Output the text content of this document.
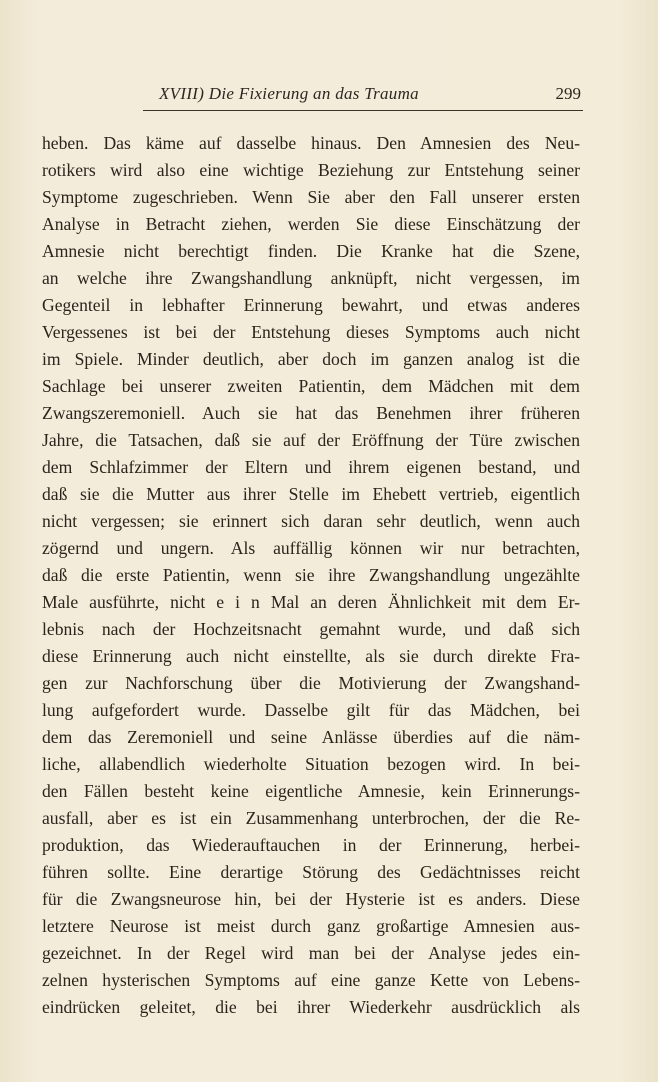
XVIII) Die Fixierung an das Trauma	299
heben. Das käme auf dasselbe hinaus. Den Amnesien des Neu-
rotikers wird also eine wichtige Beziehung zur Entstehung seiner
Symptome zugeschrieben. Wenn Sie aber den Fall unserer ersten
Analyse in Betracht ziehen, werden Sie diese Einschätzung der
Amnesie nicht berechtigt finden. Die Kranke hat die Szene,
an welche ihre Zwangshandlung anknüpft, nicht vergessen, im
Gegenteil in lebhafter Erinnerung bewahrt, und etwas anderes
Vergessenes ist bei der Entstehung dieses Symptoms auch nicht
im Spiele. Minder deutlich, aber doch im ganzen analog ist die
Sachlage bei unserer zweiten Patientin, dem Mädchen mit dem
Zwangszeremoniell. Auch sie hat das Benehmen ihrer früheren
Jahre, die Tatsachen, daß sie auf der Eröffnung der Türe zwischen
dem Schlafzimmer der Eltern und ihrem eigenen bestand, und
daß sie die Mutter aus ihrer Stelle im Ehebett vertrieb, eigentlich
nicht vergessen; sie erinnert sich daran sehr deutlich, wenn auch
zögernd und ungern. Als auffällig können wir nur betrachten,
daß die erste Patientin, wenn sie ihre Zwangshandlung ungezählte
Male ausführte, nicht e i n Mal an deren Ähnlichkeit mit dem Er-
lebnis nach der Hochzeitsnacht gemahnt wurde, und daß sich
diese Erinnerung auch nicht einstellte, als sie durch direkte Fra-
gen zur Nachforschung über die Motivierung der Zwangshand-
lung aufgefordert wurde. Dasselbe gilt für das Mädchen, bei
dem das Zeremoniell und seine Anlässe überdies auf die näm-
liche, allabendlich wiederholte Situation bezogen wird. In bei-
den Fällen besteht keine eigentliche Amnesie, kein Erinnerungs-
ausfall, aber es ist ein Zusammenhang unterbrochen, der die Re-
produktion, das Wiederauftauchen in der Erinnerung, herbei-
führen sollte. Eine derartige Störung des Gedächtnisses reicht
für die Zwangsneurose hin, bei der Hysterie ist es anders. Diese
letztere Neurose ist meist durch ganz großartige Amnesien aus-
gezeichnet. In der Regel wird man bei der Analyse jedes ein-
zelnen hysterischen Symptoms auf eine ganze Kette von Lebens-
eindrücken geleitet, die bei ihrer Wiederkehr ausdrücklich als
